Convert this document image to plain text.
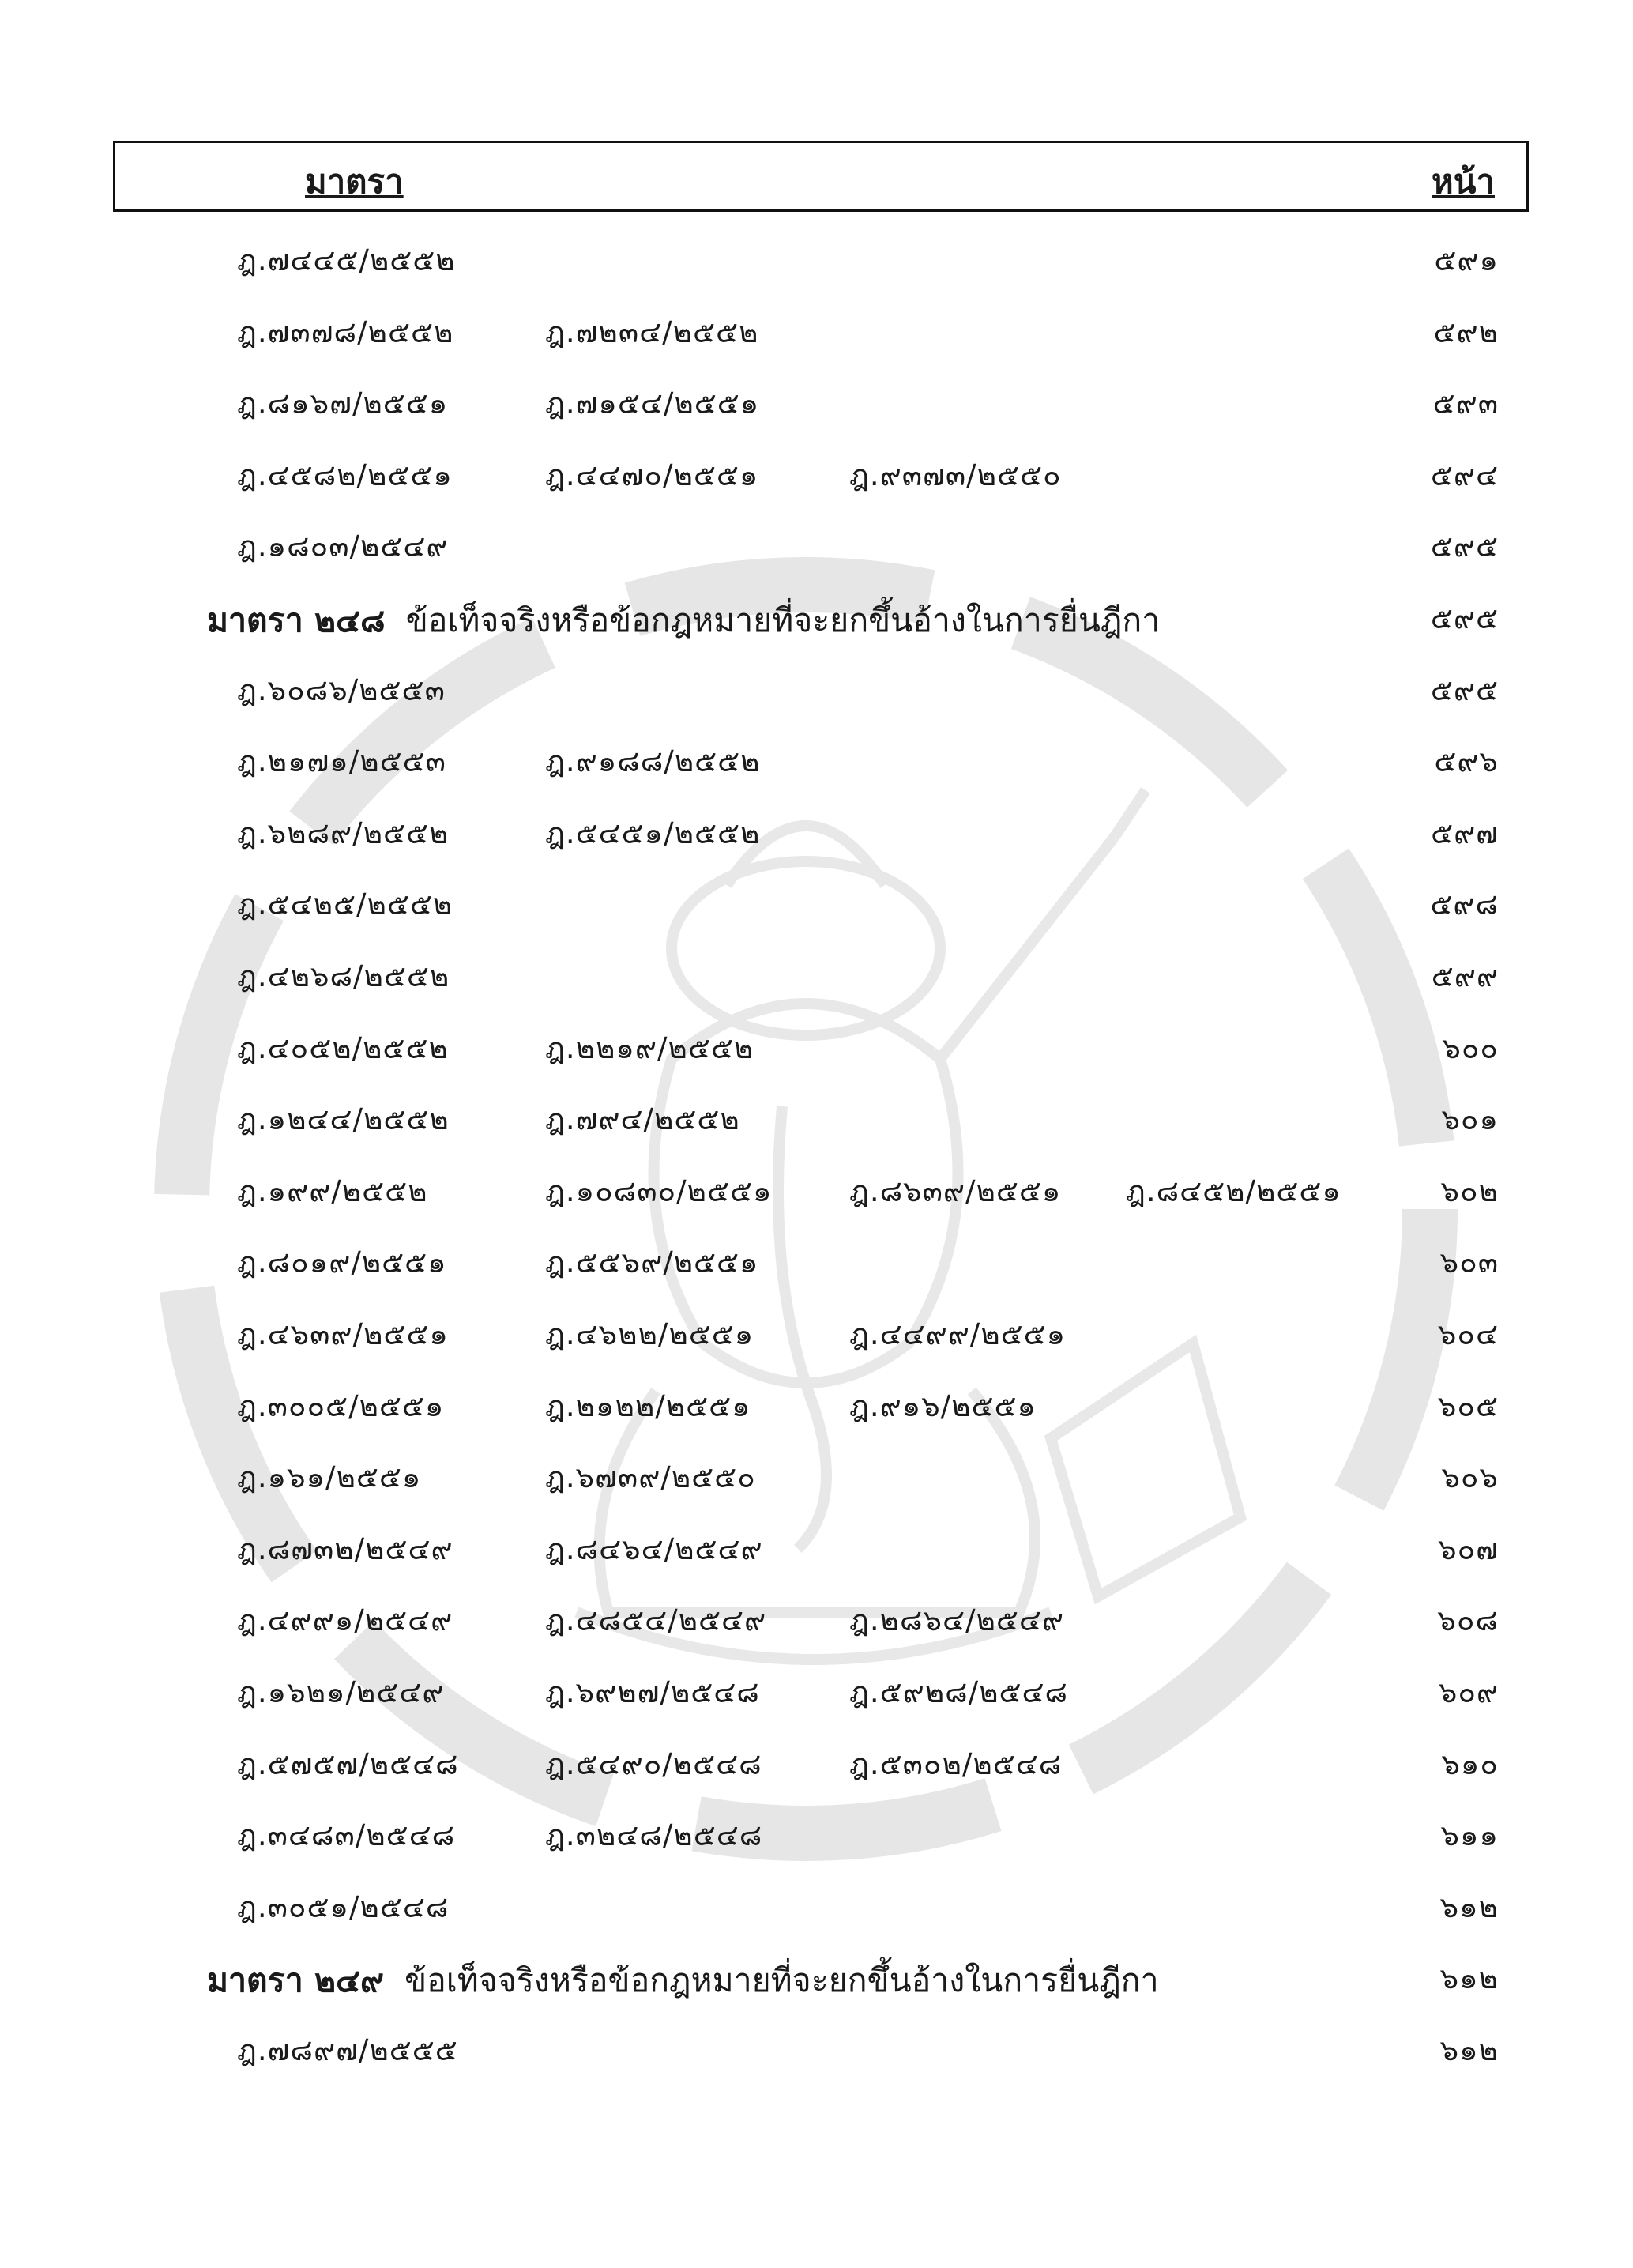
มาตรา	หน้า
ฎ.๗๔๔๕/๒๕๕๒	๕๙๑
ฎ.๗๓๗๘/๒๕๕๒	ฎ.๗๒๓๔/๒๕๕๒	๕๙๒
ฎ.๘๑๖๗/๒๕๕๑	ฎ.๗๑๕๔/๒๕๕๑	๕๙๓
ฎ.๔๕๘๒/๒๕๕๑	ฎ.๔๔๗๐/๒๕๕๑	ฎ.๙๓๗๓/๒๕๕๐	๕๙๔
ฎ.๑๘๐๓/๒๕๔๙	๕๙๕
มาตรา ๒๔๘ ข้อเท็จจริงหรือข้อกฎหมายที่จะยกขึ้นอ้างในการยื่นฎีกา	๕๙๕
ฎ.๖๐๘๖/๒๕๕๓	๕๙๕
ฎ.๒๑๗๑/๒๕๕๓	ฎ.๙๑๘๘/๒๕๕๒	๕๙๖
ฎ.๖๒๘๙/๒๕๕๒	ฎ.๕๔๕๑/๒๕๕๒	๕๙๗
ฎ.๕๔๒๕/๒๕๕๒	๕๙๘
ฎ.๔๒๖๘/๒๕๕๒	๕๙๙
ฎ.๔๐๕๒/๒๕๕๒	ฎ.๒๒๑๙/๒๕๕๒	๖๐๐
ฎ.๑๒๔๔/๒๕๕๒	ฎ.๗๙๔/๒๕๕๒	๖๐๑
ฎ.๑๙๙/๒๕๕๒	ฎ.๑๐๘๓๐/๒๕๕๑	ฎ.๘๖๓๙/๒๕๕๑ ฎ.๘๔๕๒/๒๕๕๑	๖๐๒
ฎ.๘๐๑๙/๒๕๕๑	ฎ.๕๕๖๙/๒๕๕๑	๖๐๓
ฎ.๔๖๓๙/๒๕๕๑	ฎ.๔๖๒๒/๒๕๕๑	ฎ.๔๔๙๙/๒๕๕๑	๖๐๔
ฎ.๓๐๐๕/๒๕๕๑	ฎ.๒๑๒๒/๒๕๕๑	ฎ.๙๑๖/๒๕๕๑	๖๐๕
ฎ.๑๖๑/๒๕๕๑	ฎ.๖๗๓๙/๒๕๕๐	๖๐๖
ฎ.๘๗๓๒/๒๕๔๙	ฎ.๘๔๖๔/๒๕๔๙	๖๐๗
ฎ.๔๙๙๑/๒๕๔๙	ฎ.๔๘๕๔/๒๕๔๙	ฎ.๒๘๖๔/๒๕๔๙	๖๐๘
ฎ.๑๖๒๑/๒๕๔๙	ฎ.๖๙๒๗/๒๕๔๘	ฎ.๕๙๒๘/๒๕๔๘	๖๐๙
ฎ.๕๗๕๗/๒๕๔๘	ฎ.๕๔๙๐/๒๕๔๘	ฎ.๕๓๐๒/๒๕๔๘	๖๑๐
ฎ.๓๔๘๓/๒๕๔๘	ฎ.๓๒๔๘/๒๕๔๘	๖๑๑
ฎ.๓๐๕๑/๒๕๔๘	๖๑๒
มาตรา ๒๔๙ ข้อเท็จจริงหรือข้อกฎหมายที่จะยกขึ้นอ้างในการยื่นฎีกา	๖๑๒
ฎ.๗๘๙๗/๒๕๕๕	๖๑๒
